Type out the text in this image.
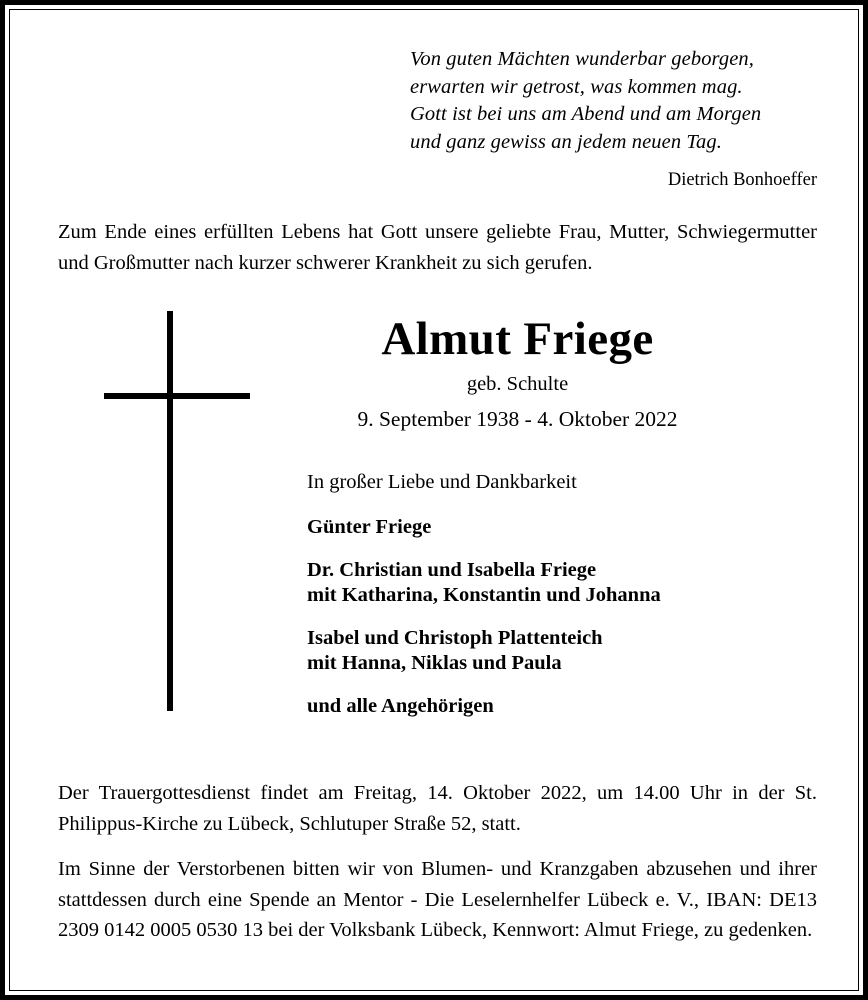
Von guten Mächten wunderbar geborgen,
erwarten wir getrost, was kommen mag.
Gott ist bei uns am Abend und am Morgen
und ganz gewiss an jedem neuen Tag.
Dietrich Bonhoeffer
Zum Ende eines erfüllten Lebens hat Gott unsere geliebte Frau, Mutter, Schwiegermutter und Großmutter nach kurzer schwerer Krankheit zu sich gerufen.
Almut Friege
geb. Schulte
9. September 1938 - 4. Oktober 2022
In großer Liebe und Dankbarkeit
Günter Friege
Dr. Christian und Isabella Friege
mit Katharina, Konstantin und Johanna
Isabel und Christoph Plattenteich
mit Hanna, Niklas und Paula
und alle Angehörigen

Der Trauergottesdienst findet am Freitag, 14. Oktober 2022, um 14.00 Uhr in der St. Philippus-Kirche zu Lübeck, Schlutuper Straße 52, statt.

Im Sinne der Verstorbenen bitten wir von Blumen- und Kranzgaben abzusehen und ihrer stattdessen durch eine Spende an Mentor - Die Leselernhelfer Lübeck e. V., IBAN: DE13 2309 0142 0005 0530 13 bei der Volksbank Lübeck, Kennwort: Almut Friege, zu gedenken.
